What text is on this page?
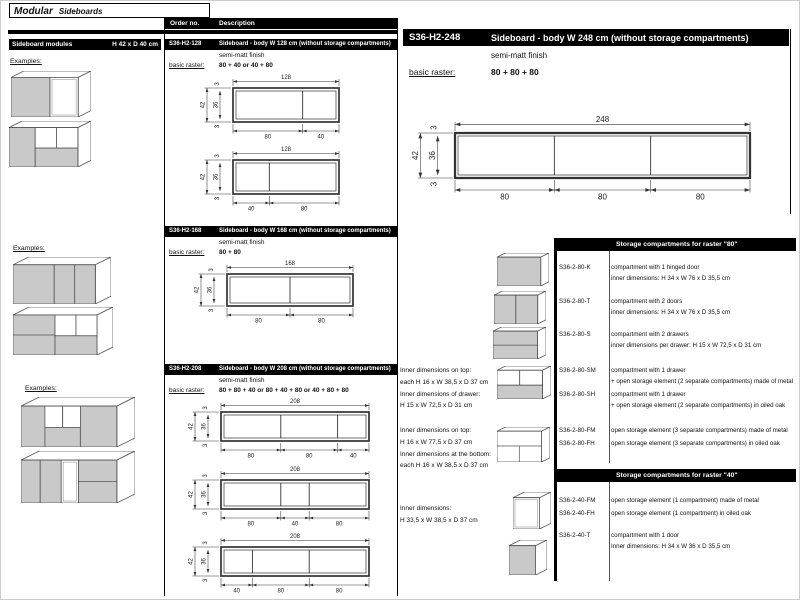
Modular Sideboards
Order no.	Description
Sideboard modules	H 42 x D 40 cm
Examples:
Examples:
Examples:
S36-H2-128	Sideboard - body W 128 cm (without storage compartments)
semi-matt finish
basic raster: 80 + 40 or 40 + 80
128
42 36
3
3
80	40
128
42 36
3
3
40	80
S36-H2-168	Sideboard - body W 168 cm (without storage compartments)
semi-matt finish
basic raster: 80 + 80
168
42 36
3
3
80	80
S36-H2-208	Sideboard - body W 208 cm (without storage compartments)
semi-matt finish
basic raster: 80 + 80 + 40 or 80 + 40 + 80 or 40 + 80 + 80
208
42 36
3
3
80	80	40
208
42 36
3
3
80	40	80
208
42 36
3
3
40	80	80
S36-H2-248	Sideboard - body W 248 cm (without storage compartments)
semi-matt finish
basic raster:	80 + 80 + 80
248
42 36
3
3
80	80	80
Inner dimensions on top:
each H 16 x W 38,5 x D 37 cm
Inner dimensions of drawer:
H 15 x W 72,5 x D 31 cm
Inner dimensions on top:
H 16 x W 77,5 x D 37 cm
Inner dimensions at the bottom:
each H 16 x W 38,5 x D 37 cm
Inner dimensions:
H 33,5 x W 38,5 x D 37 cm
Storage compartments for raster "80"
S36-2-80-K	compartment with 1 hinged door
inner dimensions: H 34 x W 76 x D 35,5 cm
S36-2-80-T	compartment with 2 doors
inner dimensions: H 34 x W 76 x D 35,5 cm
S36-2-80-S	compartment with 2 drawers
inner dimensions per drawer: H 15 x W 72,5 x D 31 cm
S36-2-80-SM	compartment with 1 drawer
+ open storage element (2 separate compartments) made of metal
S36-2-80-SH	compartment with 1 drawer
+ open storage element (2 separate compartments) in oiled oak
S36-2-80-FM	open storage element (3 separate compartments) made of metal
S36-2-80-FH	open storage element (3 separate compartments) in oiled oak
Storage compartments for raster "40"
S36-2-40-FM	open storage element (1 compartment) made of metal
S36-2-40-FH	open storage element (1 compartment) in oiled oak
S36-2-40-T	compartment with 1 door
Inner dimensions: H 34 x W 36 x D 35,5 cm
